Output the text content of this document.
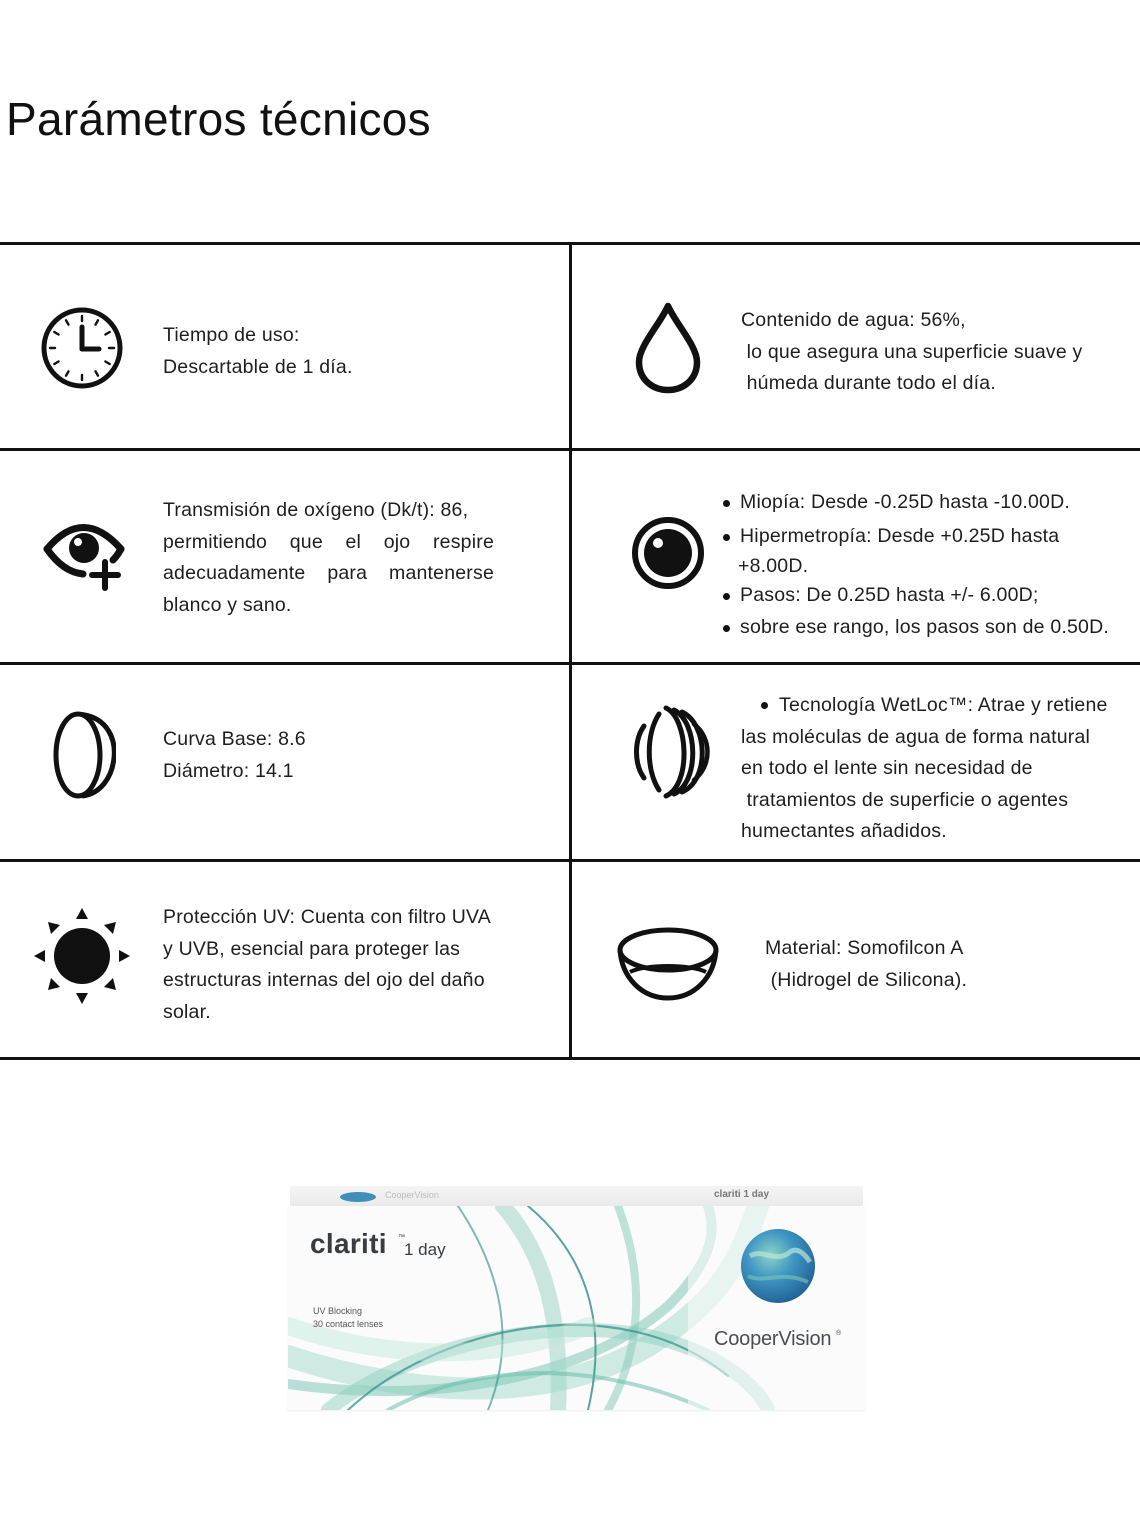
Parámetros técnicos
Tiempo de uso:
Descartable de 1 día.
Contenido de agua: 56%,
lo que asegura una superficie suave y
húmeda durante todo el día.
Transmisión de oxígeno (Dk/t): 86,
permitiendo que el ojo respire
adecuadamente para mantenerse
blanco y sano.
Miopía: Desde -0.25D hasta -10.00D.
Hipermetropía: Desde +0.25D hasta
+8.00D.
Pasos: De 0.25D hasta +/- 6.00D;
sobre ese rango, los pasos son de 0.50D.
Curva Base: 8.6
Diámetro: 14.1
Tecnología WetLoc™: Atrae y retiene
las moléculas de agua de forma natural
en todo el lente sin necesidad de
tratamientos de superficie o agentes
humectantes añadidos.
Protección UV: Cuenta con filtro UVA
y UVB, esencial para proteger las
estructuras internas del ojo del daño
solar.
Material: Somofilcon A
(Hidrogel de Silicona).
CooperVision	clariti 1 day
clariti ™
1 day
UV Blocking
30 contact lenses
CooperVision ®
